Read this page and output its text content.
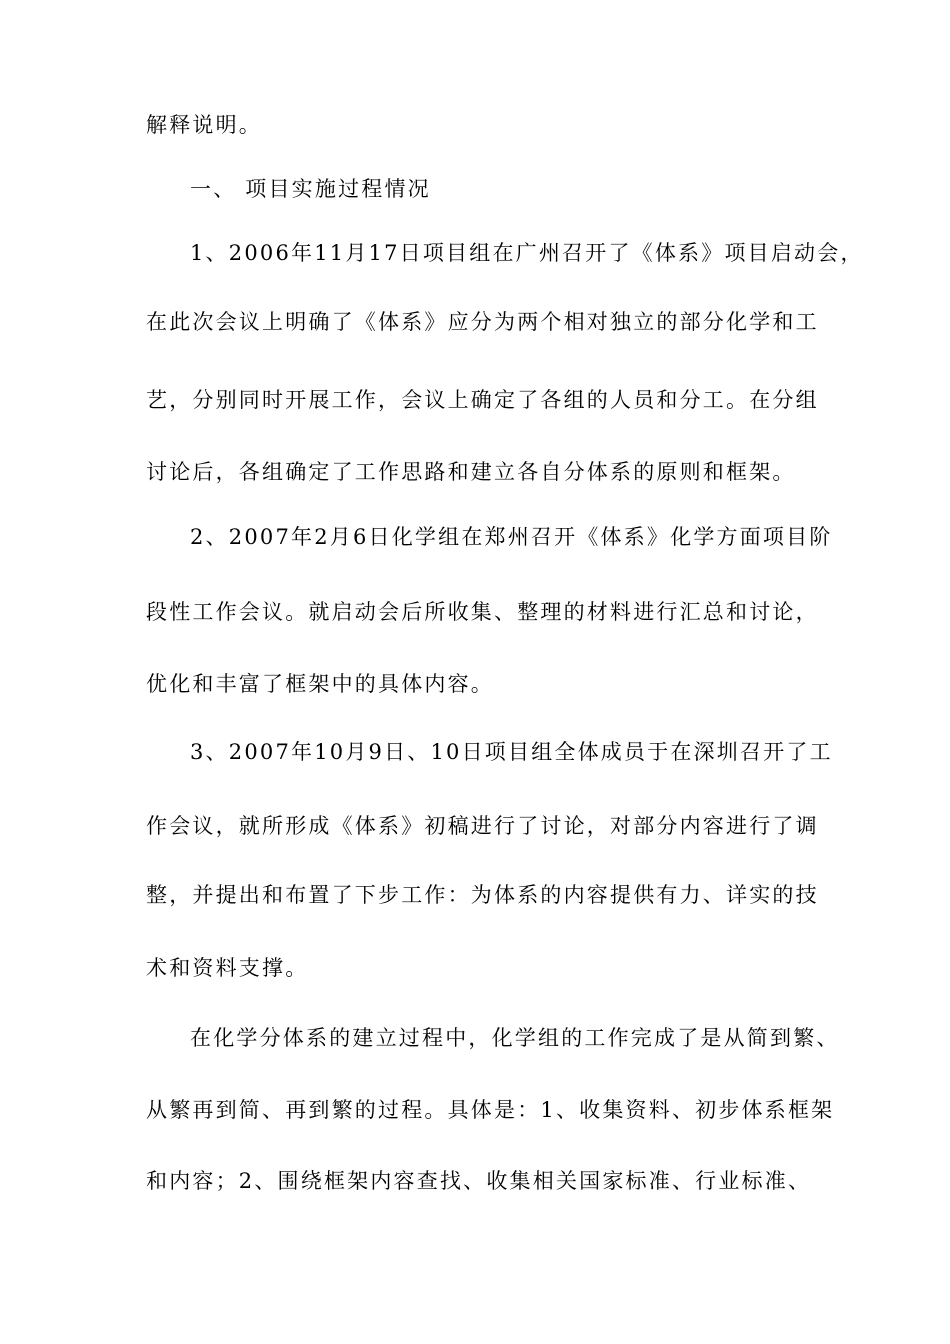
解释说明。
一、 项目实施过程情况
1、2006年11月17日项目组在广州召开了《体系》项目启动会，
在此次会议上明确了《体系》应分为两个相对独立的部分化学和工
艺，分别同时开展工作，会议上确定了各组的人员和分工。在分组
讨论后，各组确定了工作思路和建立各自分体系的原则和框架。
2、2007年2月6日化学组在郑州召开《体系》化学方面项目阶
段性工作会议。就启动会后所收集、整理的材料进行汇总和讨论，
优化和丰富了框架中的具体内容。
3、2007年10月9日、10日项目组全体成员于在深圳召开了工
作会议，就所形成《体系》初稿进行了讨论，对部分内容进行了调
整，并提出和布置了下步工作：为体系的内容提供有力、详实的技
术和资料支撑。
在化学分体系的建立过程中，化学组的工作完成了是从简到繁、
从繁再到简、再到繁的过程。具体是：1、收集资料、初步体系框架
和内容；2、围绕框架内容查找、收集相关国家标准、行业标准、
